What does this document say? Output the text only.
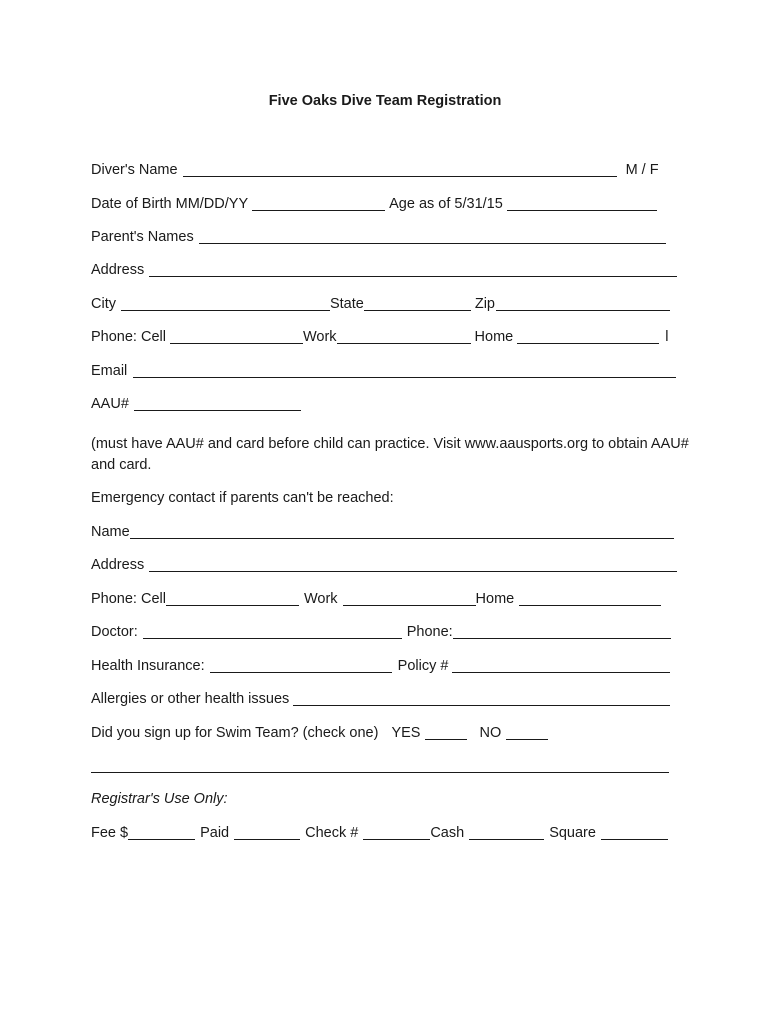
Five Oaks Dive Team Registration
Diver's Name	M / F
Date of Birth MM/DD/YY	Age as of 5/31/15
Parent's Names
Address
City	State	Zip
Phone: Cell	Work	Home	l
Email
AAU#
(must have AAU# and card before child can practice. Visit www.aausports.org to obtain AAU# and card.
Emergency contact if parents can't be reached:
Name
Address
Phone: Cell	Work	Home
Doctor:	Phone:
Health Insurance:	Policy #
Allergies or other health issues
Did you sign up for Swim Team? (check one) YES	NO
Registrar's Use Only:
Fee $	Paid	Check #	Cash	Square
